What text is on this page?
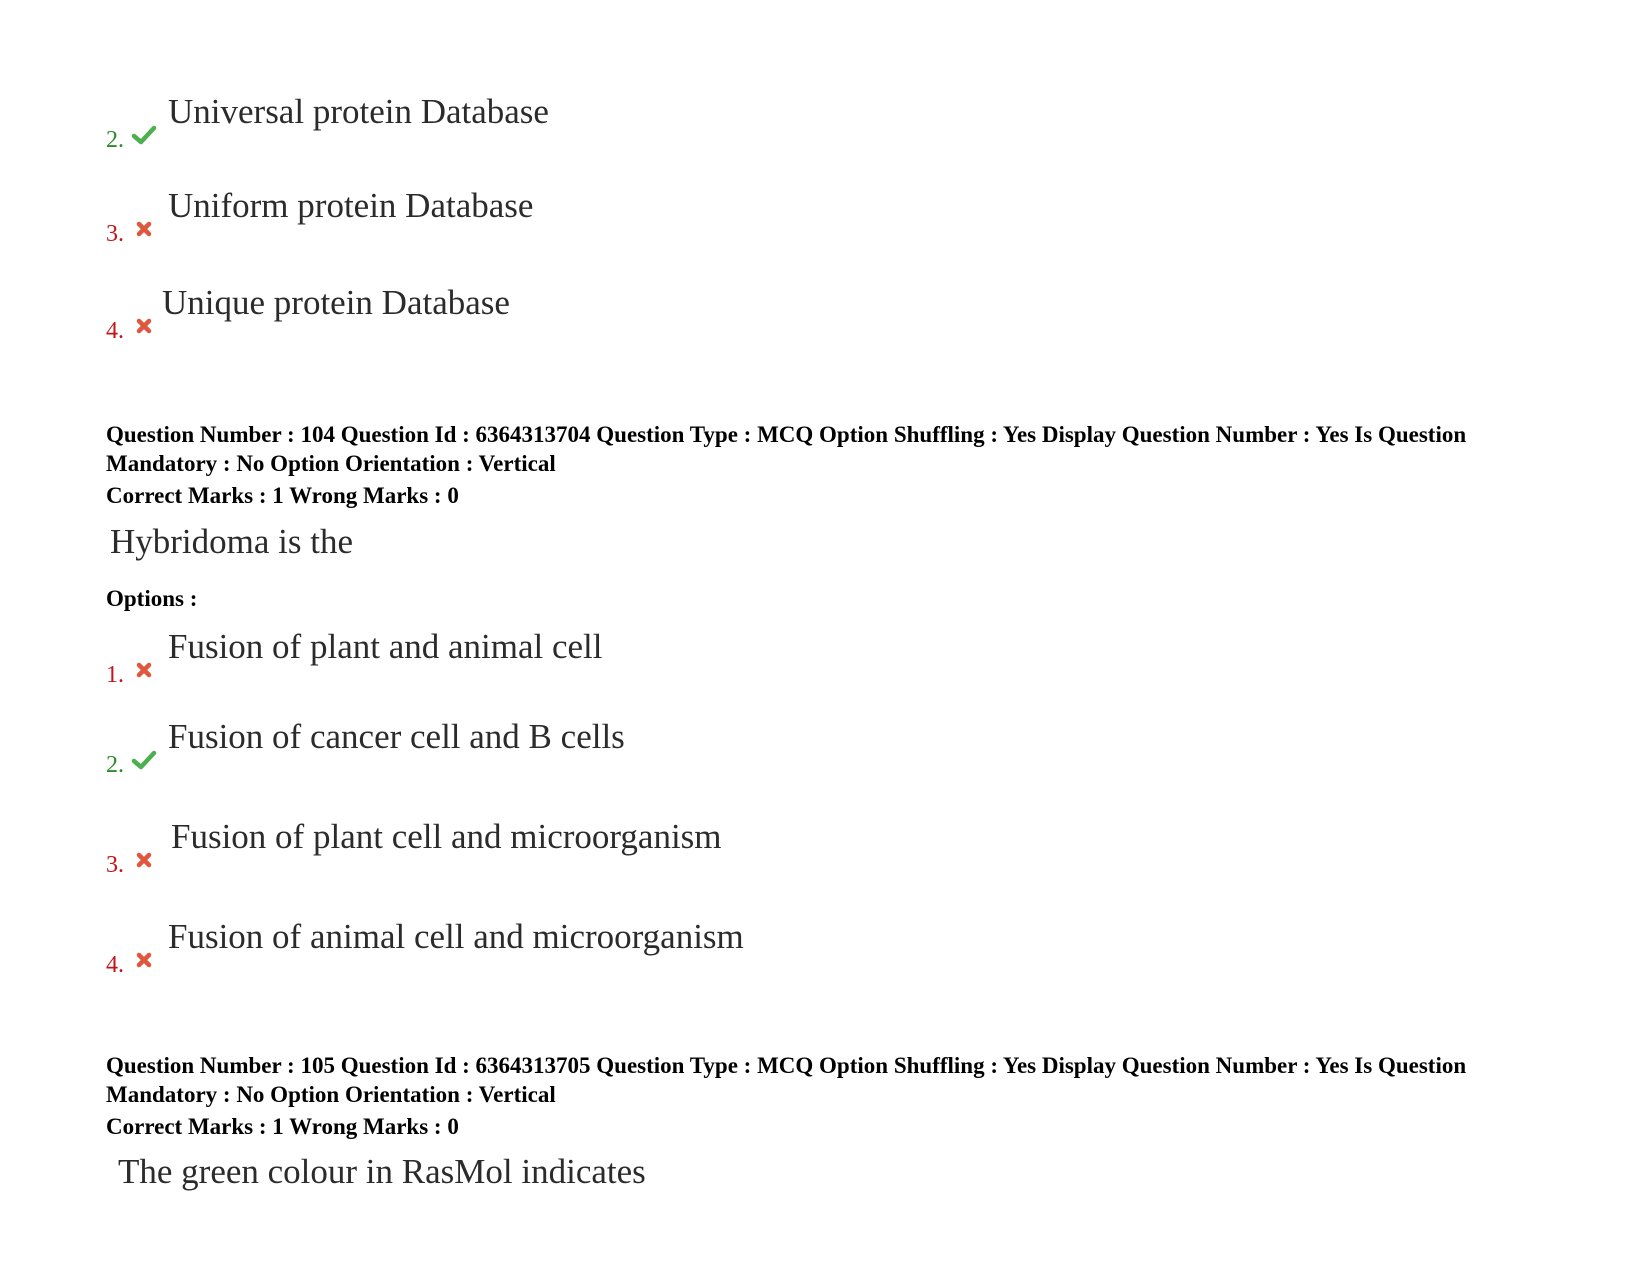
2.
Universal protein Database
3.
Uniform protein Database
4.
Unique protein Database
Question Number : 104 Question Id : 6364313704 Question Type : MCQ Option Shuffling : Yes Display Question Number : Yes Is Question Mandatory : No Option Orientation : Vertical
Correct Marks : 1 Wrong Marks : 0
Hybridoma is the
Options :
1.
Fusion of plant and animal cell
2.
Fusion of cancer cell and B cells
3.
Fusion of plant cell and microorganism
4.
Fusion of animal cell and microorganism
Question Number : 105 Question Id : 6364313705 Question Type : MCQ Option Shuffling : Yes Display Question Number : Yes Is Question Mandatory : No Option Orientation : Vertical
Correct Marks : 1 Wrong Marks : 0
The green colour in RasMol indicates
